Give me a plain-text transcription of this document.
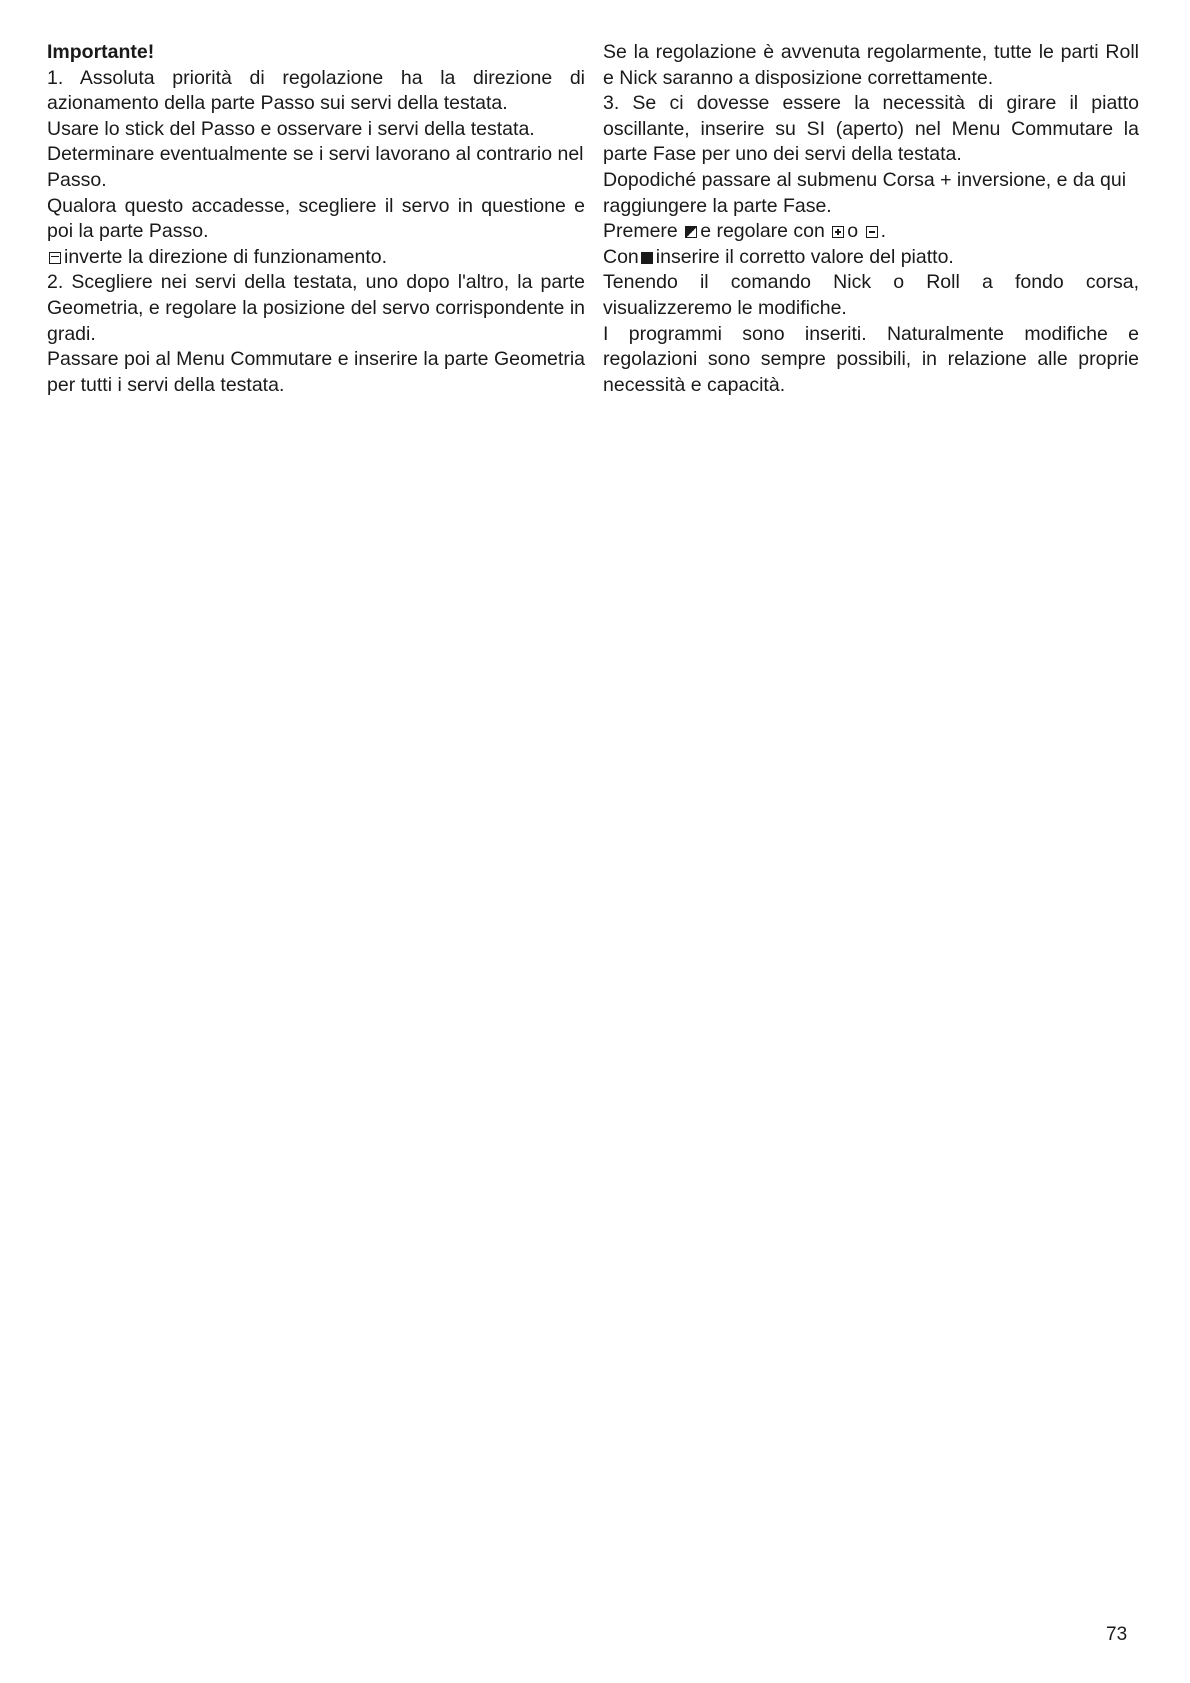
Importante!

1. Assoluta priorità di regolazione ha la direzione di azionamento della parte Passo sui servi della testata.

Usare lo stick del Passo e osservare i servi della testata.

Determinare eventualmente se i servi lavorano al contrario nel Passo.

Qualora questo accadesse, scegliere il servo in questione e poi la parte Passo.

inverte la direzione di funzionamento.

2. Scegliere nei servi della testata, uno dopo l'altro, la parte Geometria, e regolare la posizione del servo corrispondente in gradi.

Passare poi al Menu Commutare e inserire la parte Geometria per tutti i servi della testata.

Se la regolazione è avvenuta regolarmente, tutte le parti Roll e Nick saranno a disposizione correttamente.

3. Se ci dovesse essere la necessità di girare il piatto oscillante, inserire su SI (aperto) nel Menu Commutare la parte Fase per uno dei servi della testata.

Dopodiché passare al submenu Corsa + inversione, e da qui raggiungere la parte Fase.

Premere e regolare con o .

Con inserire il corretto valore del piatto.

Tenendo il comando Nick o Roll a fondo corsa, visualizzeremo le modifiche.

I programmi sono inseriti. Naturalmente modifiche e regolazioni sono sempre possibili, in relazione alle proprie necessità e capacità.

73
